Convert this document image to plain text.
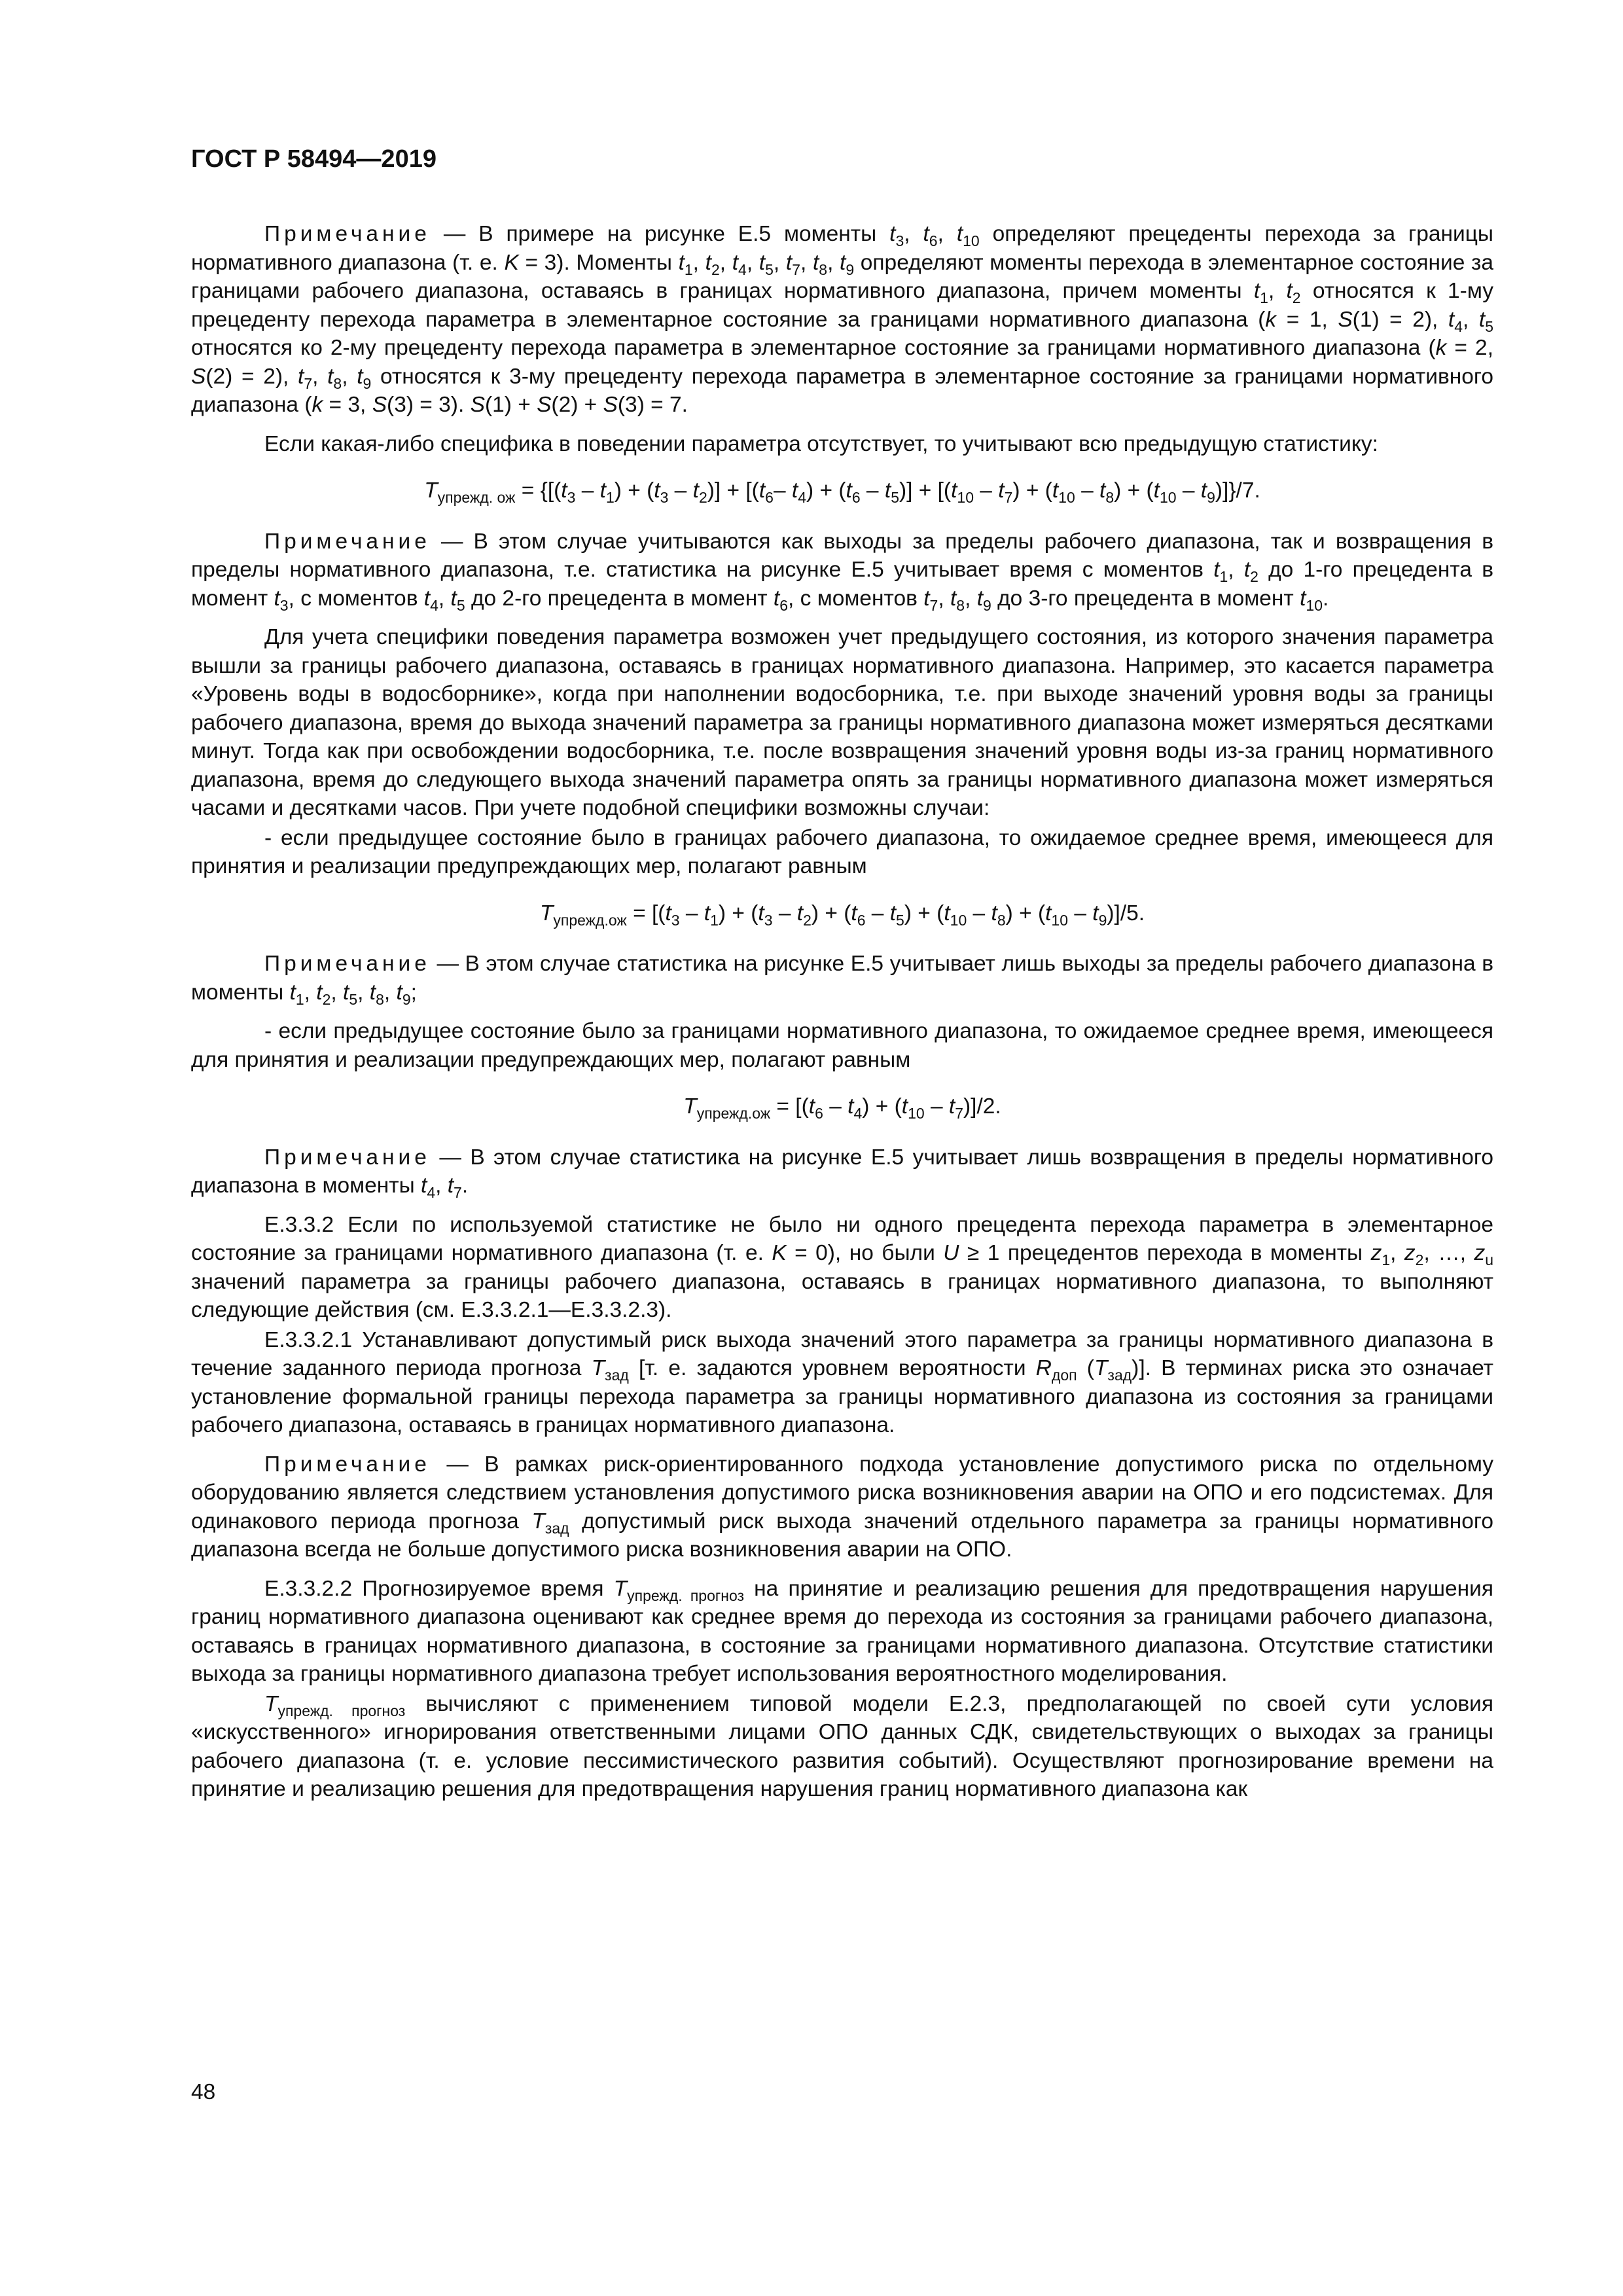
ГОСТ Р 58494—2019

Примечание — В примере на рисунке Е.5 моменты $t_3$, $t_6$, $t_{10}$ определяют прецеденты перехода за границы нормативного диапазона (т. е. K = 3). Моменты $t_1$, $t_2$, $t_4$, $t_5$, $t_7$, $t_8$, $t_9$ определяют моменты перехода в элементарное состояние за границами рабочего диапазона, оставаясь в границах нормативного диапазона, причем моменты $t_1$, $t_2$ относятся к 1-му прецеденту перехода параметра в элементарное состояние за границами нормативного диапазона (k = 1, S(1) = 2), $t_4$, $t_5$ относятся ко 2-му прецеденту перехода параметра в элементарное состояние за границами нормативного диапазона (k = 2, S(2) = 2), $t_7$, $t_8$, $t_9$ относятся к 3-му прецеденту перехода параметра в элементарное состояние за границами нормативного диапазона (k = 3, S(3) = 3). S(1) + S(2) + S(3) = 7.

Если какая-либо специфика в поведении параметра отсутствует, то учитывают всю предыдущую статистику:

$T_{упрежд. ож} = \{[(t_3 - t_1) + (t_3 - t_2)] + [(t_6-$ $t_4) + (t_6 - t_5)] + [(t_{10} - t_7) + (t_{10} - t_8) + (t_{10} - t_9)]\}/7$.

Примечание — В этом случае учитываются как выходы за пределы рабочего диапазона, так и возвращения в пределы нормативного диапазона, т.е. статистика на рисунке Е.5 учитывает время с моментов $t_1$, $t_2$ до 1-го прецедента в момент $t_3$, с моментов $t_4$, $t_5$ до 2-го прецедента в момент $t_6$, с моментов $t_7$, $t_8$, $t_9$ до 3-го прецедента в момент $t_{10}$.

Для учета специфики поведения параметра возможен учет предыдущего состояния, из которого значения параметра вышли за границы рабочего диапазона, оставаясь в границах нормативного диапазона. Например, это касается параметра «Уровень воды в водосборнике», когда при наполнении водосборника, т.е. при выходе значений уровня воды за границы рабочего диапазона, время до выхода значений параметра за границы нормативного диапазона может измеряться десятками минут. Тогда как при освобождении водосборника, т.е. после возвращения значений уровня воды из-за границ нормативного диапазона, время до следующего выхода значений параметра опять за границы нормативного диапазона может измеряться часами и десятками часов. При учете подобной специфики возможны случаи:

- если предыдущее состояние было в границах рабочего диапазона, то ожидаемое среднее время, имеющееся для принятия и реализации предупреждающих мер, полагают равным

$T_{упрежд.ож} = [(t_3 - t_1) + (t_3 - t_2) + (t_6 - t_5) + (t_{10} - t_8) + (t_{10} - t_9)]/5$.

Примечание — В этом случае статистика на рисунке Е.5 учитывает лишь выходы за пределы рабочего диапазона в моменты $t_1$, $t_2$, $t_5$, $t_8$, $t_9$;

- если предыдущее состояние было за границами нормативного диапазона, то ожидаемое среднее время, имеющееся для принятия и реализации предупреждающих мер, полагают равным

$T_{упрежд.ож} = [(t_6 - t_4) + (t_{10} - t_7)]/2$.

Примечание — В этом случае статистика на рисунке Е.5 учитывает лишь возвращения в пределы нормативного диапазона в моменты $t_4$, $t_7$.

Е.3.3.2 Если по используемой статистике не было ни одного прецедента перехода параметра в элементарное состояние за границами нормативного диапазона (т. е. K = 0), но были U ≥ 1 прецедентов перехода в моменты $z_1$, $z_2$, …, $z_u$ значений параметра за границы рабочего диапазона, оставаясь в границах нормативного диапазона, то выполняют следующие действия (см. Е.3.3.2.1—Е.3.3.2.3).

Е.3.3.2.1 Устанавливают допустимый риск выхода значений этого параметра за границы нормативного диапазона в течение заданного периода прогноза $T_{зад}$ [т. е. задаются уровнем вероятности $R_{доп}$ $(T_{зад})$]. В терминах риска это означает установление формальной границы перехода параметра за границы нормативного диапазона из состояния за границами рабочего диапазона, оставаясь в границах нормативного диапазона.

Примечание — В рамках риск-ориентированного подхода установление допустимого риска по отдельному оборудованию является следствием установления допустимого риска возникновения аварии на ОПО и его подсистемах. Для одинакового периода прогноза $T_{зад}$ допустимый риск выхода значений отдельного параметра за границы нормативного диапазона всегда не больше допустимого риска возникновения аварии на ОПО.

Е.3.3.2.2 Прогнозируемое время $T_{упрежд. прогноз}$ на принятие и реализацию решения для предотвращения нарушения границ нормативного диапазона оценивают как среднее время до перехода из состояния за границами рабочего диапазона, оставаясь в границах нормативного диапазона, в состояние за границами нормативного диапазона. Отсутствие статистики выхода за границы нормативного диапазона требует использования вероятностного моделирования.

$T_{упрежд. прогноз}$ вычисляют с применением типовой модели Е.2.3, предполагающей по своей сути условия «искусственного» игнорирования ответственными лицами ОПО данных СДК, свидетельствующих о выходах за границы рабочего диапазона (т. е. условие пессимистического развития событий). Осуществляют прогнозирование времени на принятие и реализацию решения для предотвращения нарушения границ нормативного диапазона как

48
